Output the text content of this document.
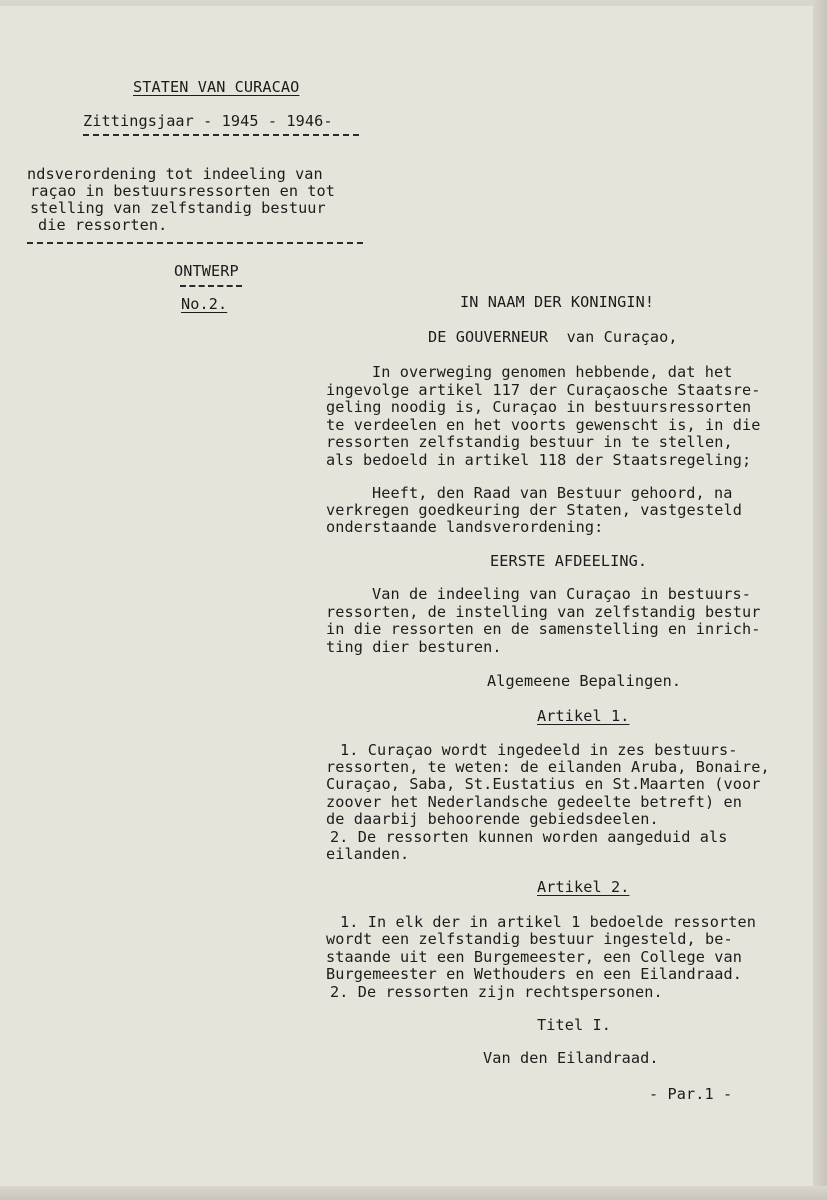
STATEN VAN CURACAO
Zittingsjaar - 1945 - 1946-
ndsverordening tot indeeling van
raçao in bestuursressorten en tot
stelling van zelfstandig bestuur
die ressorten.
ONTWERP
No.2.	IN NAAM DER KONINGIN!
DE GOUVERNEUR  van Curaçao,
In overweging genomen hebbende, dat het
ingevolge artikel 117 der Curaçaosche Staatsre-
geling noodig is, Curaçao in bestuursressorten
te verdeelen en het voorts gewenscht is, in die
ressorten zelfstandig bestuur in te stellen,
als bedoeld in artikel 118 der Staatsregeling;
Heeft, den Raad van Bestuur gehoord, na
verkregen goedkeuring der Staten, vastgesteld
onderstaande landsverordening:
EERSTE AFDEELING.
Van de indeeling van Curaçao in bestuurs-
ressorten, de instelling van zelfstandig bestur
in die ressorten en de samenstelling en inrich-
ting dier besturen.
Algemeene Bepalingen.
Artikel 1.
1. Curaçao wordt ingedeeld in zes bestuurs-
ressorten, te weten: de eilanden Aruba, Bonaire,
Curaçao, Saba, St.Eustatius en St.Maarten (voor
zoover het Nederlandsche gedeelte betreft) en
de daarbij behoorende gebiedsdeelen.
2. De ressorten kunnen worden aangeduid als
eilanden.
Artikel 2.
1. In elk der in artikel 1 bedoelde ressorten
wordt een zelfstandig bestuur ingesteld, be-
staande uit een Burgemeester, een College van
Burgemeester en Wethouders en een Eilandraad.
2. De ressorten zijn rechtspersonen.
Titel I.
Van den Eilandraad.
- Par.1 -
